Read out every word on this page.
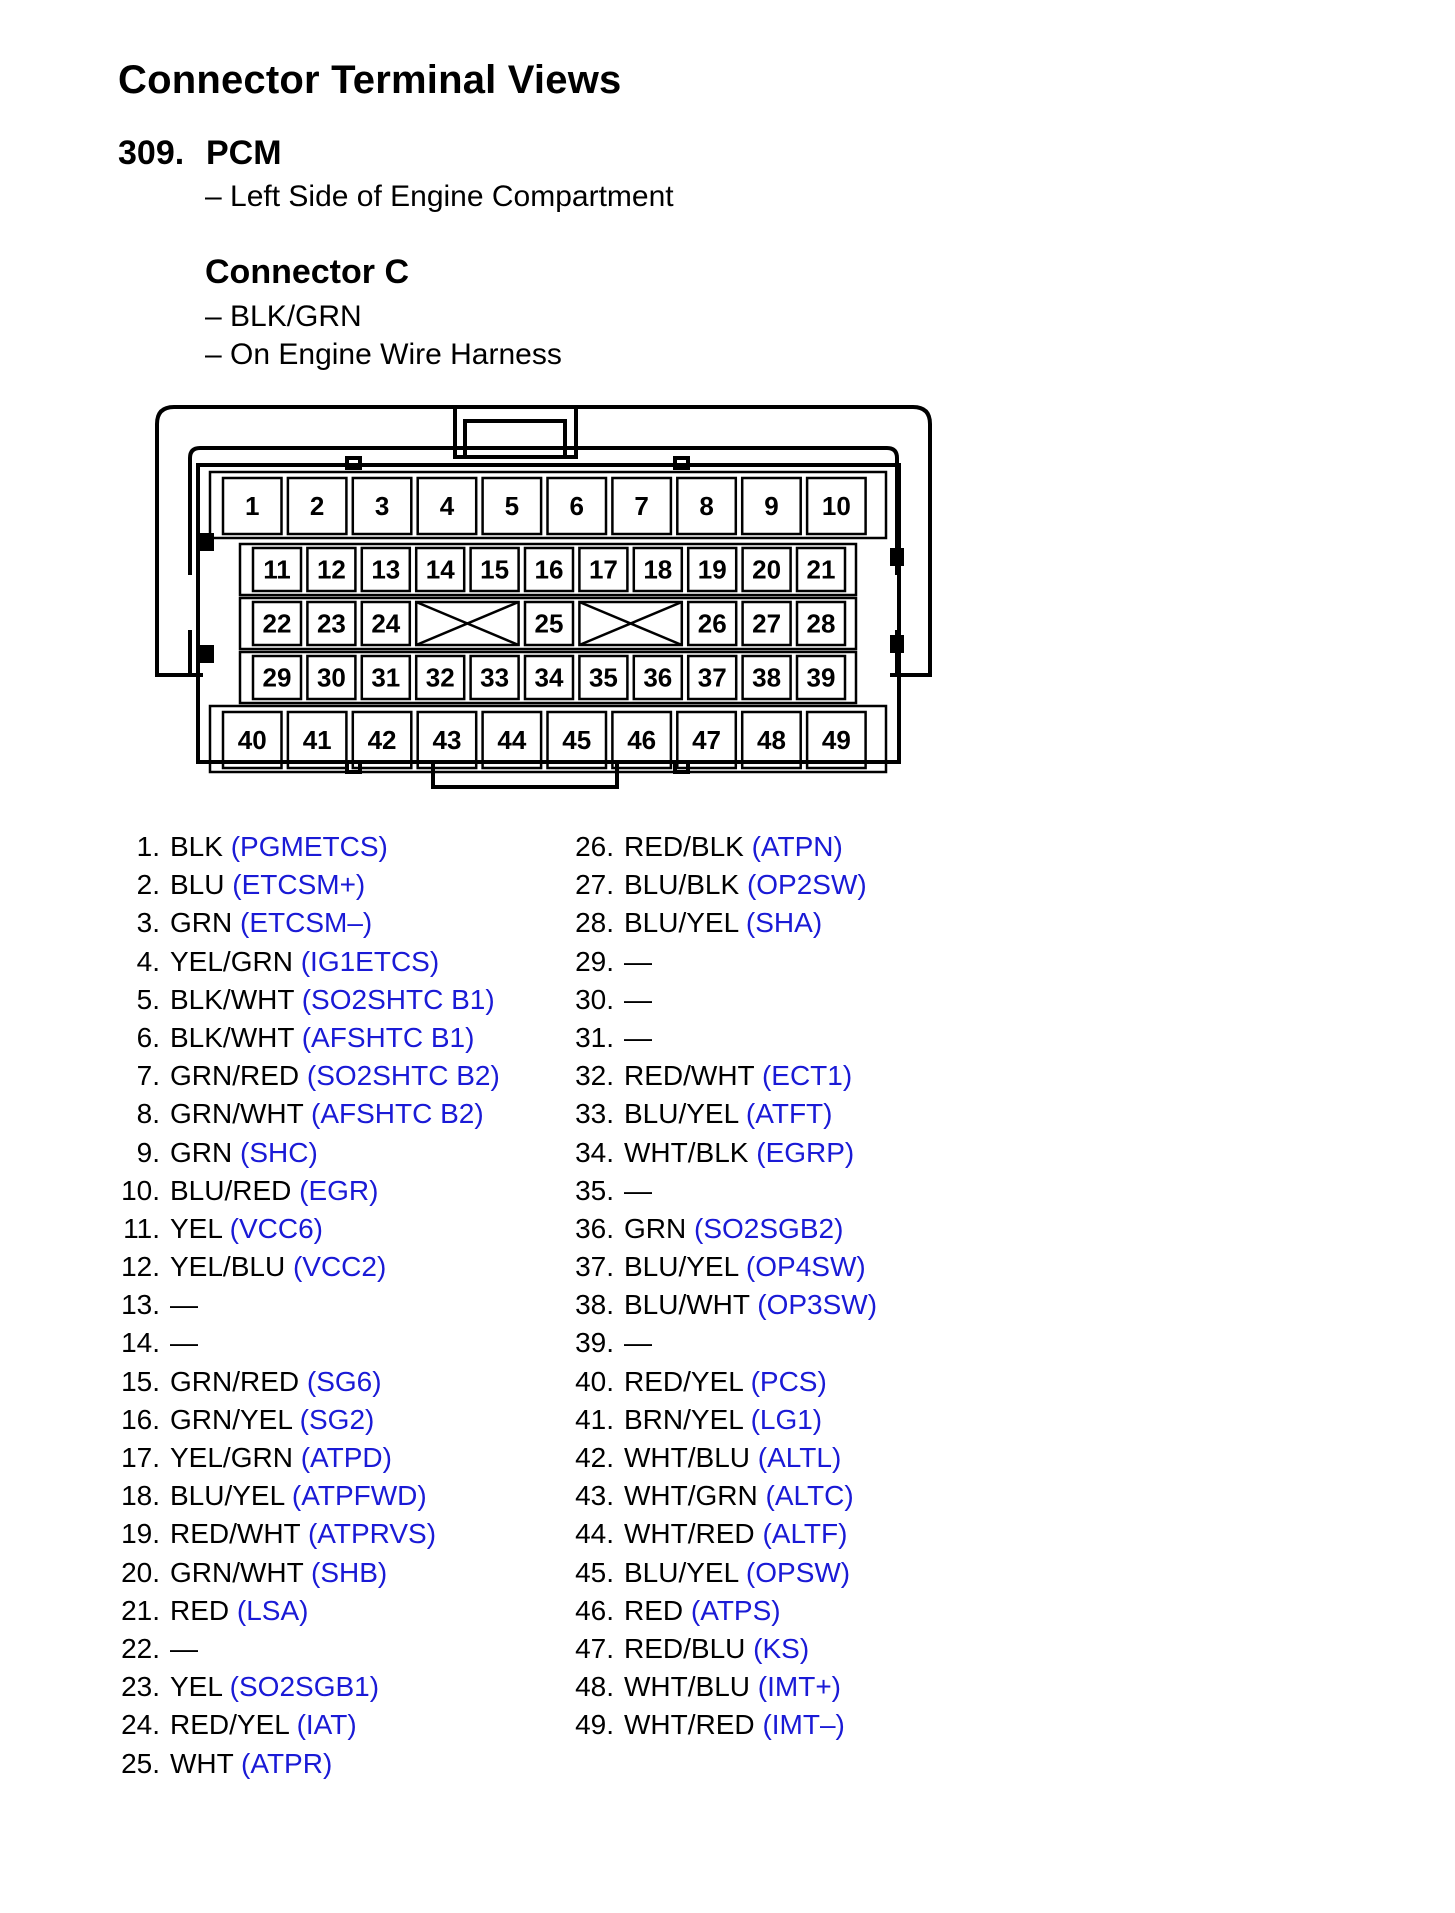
Connector Terminal Views
309. PCM
– Left Side of Engine Compartment
Connector C
– BLK/GRN
– On Engine Wire Harness
1 2 3 4 5 6 7 8 9 10
40 41 42 43 44 45 46 47 48 49
11 12 13 14 15 16 17 18 19 20 21
29 30 31 32 33 34 35 36 37 38 39
22 23 24	25	26 27 28
1. BLK (PGMETCS)
2. BLU (ETCSM+)
3. GRN (ETCSM–)
4. YEL/GRN (IG1ETCS)
5. BLK/WHT (SO2SHTC B1)
6. BLK/WHT (AFSHTC B1)
7. GRN/RED (SO2SHTC B2)
8. GRN/WHT (AFSHTC B2)
9. GRN (SHC)
10. BLU/RED (EGR)
11. YEL (VCC6)
12. YEL/BLU (VCC2)
13. —
14. —
15. GRN/RED (SG6)
16. GRN/YEL (SG2)
17. YEL/GRN (ATPD)
18. BLU/YEL (ATPFWD)
19. RED/WHT (ATPRVS)
20. GRN/WHT (SHB)
21. RED (LSA)
22. —
23. YEL (SO2SGB1)
24. RED/YEL (IAT)
25. WHT (ATPR)
26. RED/BLK (ATPN)
27. BLU/BLK (OP2SW)
28. BLU/YEL (SHA)
29. —
30. —
31. —
32. RED/WHT (ECT1)
33. BLU/YEL (ATFT)
34. WHT/BLK (EGRP)
35. —
36. GRN (SO2SGB2)
37. BLU/YEL (OP4SW)
38. BLU/WHT (OP3SW)
39. —
40. RED/YEL (PCS)
41. BRN/YEL (LG1)
42. WHT/BLU (ALTL)
43. WHT/GRN (ALTC)
44. WHT/RED (ALTF)
45. BLU/YEL (OPSW)
46. RED (ATPS)
47. RED/BLU (KS)
48. WHT/BLU (IMT+)
49. WHT/RED (IMT–)
